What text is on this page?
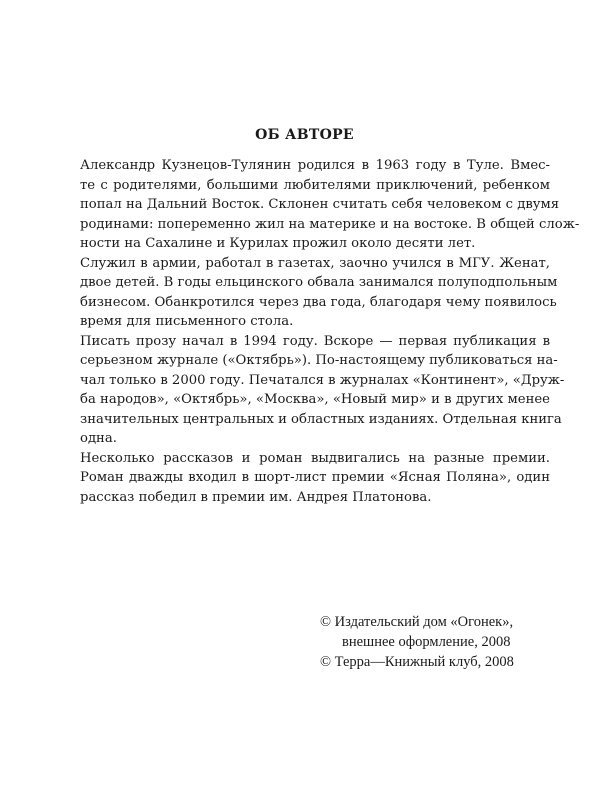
ОБ АВТОРЕ

Александр Кузнецов-Тулянин родился в 1963 году в Туле. Вмес-
те с родителями, большими любителями приключений, ребенком
попал на Дальний Восток. Склонен считать себя человеком с двумя
родинами: попеременно жил на материке и на востоке. В общей слож-
ности на Сахалине и Курилах прожил около десяти лет.

Служил в армии, работал в газетах, заочно учился в МГУ. Женат,
двое детей. В годы ельцинского обвала занимался полуподпольным
бизнесом. Обанкротился через два года, благодаря чему появилось
время для письменного стола.

Писать прозу начал в 1994 году. Вскоре — первая публикация в
серьезном журнале («Октябрь»). По-настоящему публиковаться на-
чал только в 2000 году. Печатался в журналах «Континент», «Друж-
ба народов», «Октябрь», «Москва», «Новый мир» и в других менее
значительных центральных и областных изданиях. Отдельная книга
одна.

Несколько рассказов и роман выдвигались на разные премии.
Роман дважды входил в шорт-лист премии «Ясная Поляна», один
рассказ победил в премии им. Андрея Платонова.

© Издательский дом «Огонек»,
внешнее оформление, 2008
© Терра—Книжный клуб, 2008
